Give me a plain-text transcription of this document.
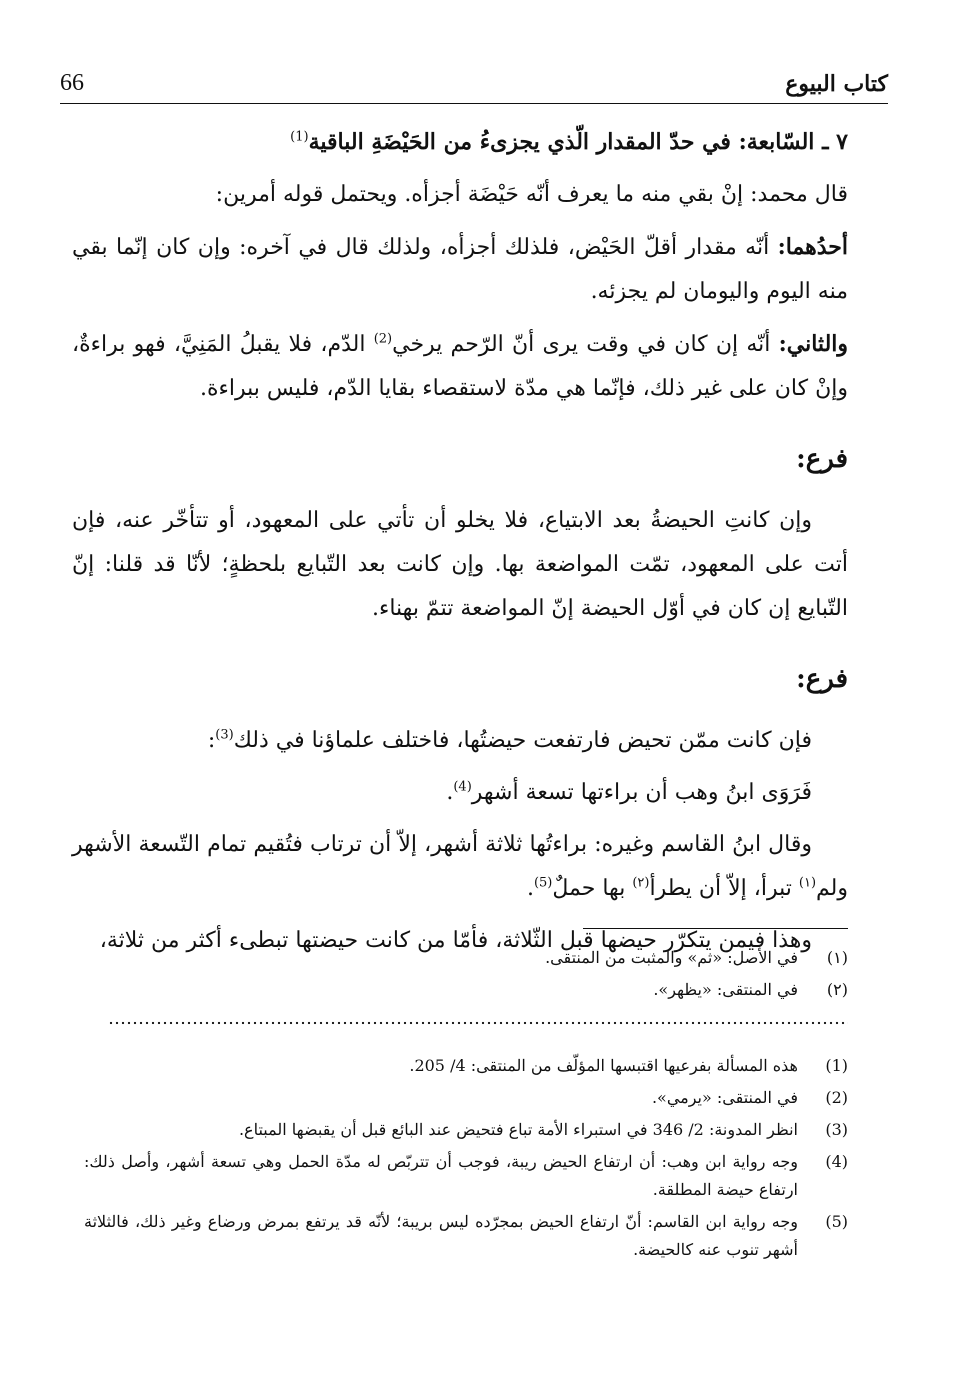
كتاب البيوع
66

٧ ـ السّابعة: في حدّ المقدار الّذي يجزىءُ من الحَيْضَةِ الباقية$^{(1)}$

قال محمد: إنْ بقي منه ما يعرف أنّه حَيْضَة أجزأه. ويحتمل قوله أمرين:

أحدُهما: أنّه مقدار أقلّ الحَيْض، فلذلك أجزأه، ولذلك قال في آخره: وإن كان إنّما بقي منه اليوم واليومان لم يجزئه.

والثاني: أنّه إن كان في وقت يرى أنّ الرّحم يرخي$^{(2)}$ الدّم، فلا يقبلُ المَنِيَّ، فهو براءةٌ، وإنْ كان على غير ذلك، فإنّما هي مدّة لاستقصاء بقايا الدّم، فليس ببراءة.

فرع:

وإن كانتِ الحيضةُ بعد الابتياع، فلا يخلو أن تأتي على المعهود، أو تتأخّر عنه، فإن أتت على المعهود، تمّت المواضعة بها. وإن كانت بعد التّبايع بلحظةٍ؛ لأنّا قد قلنا: إنّ التّبايع إن كان في أوّل الحيضة إنّ المواضعة تتمّ بهناء.

فرع:

فإن كانت ممّن تحيض فارتفعت حيضتُها، فاختلف علماؤنا في ذلك$^{(3)}$:

فَرَوَى ابنُ وهب أن براءتها تسعة أشهر$^{(4)}$.

وقال ابنُ القاسم وغيره: براءتُها ثلاثة أشهر، إلاّ أن ترتاب فتُقيم تمام التّسعة الأشهر ولم$^{(١)}$ تبرأ، إلاّ أن يطرأ$^{(٢)}$ بها حملٌ$^{(5)}$.

وهذا فيمن يتكرّر حيضها قبل الثّلاثة، فأمّا من كانت حيضتها تبطىء أكثر من ثلاثة،

(١)
في الأصل: «ثم» والمثبت من المنتقى.
(٢)
في المنتقى: «يظهر».
(1)
هذه المسألة بفرعيها اقتبسها المؤلّف من المنتقى: 4/ 205.
(2)
في المنتقى: «يرمي».
(3)
انظر المدونة: 2/ 346 في استبراء الأمة تباع فتحيض عند البائع قبل أن يقبضها المبتاع.
(4)
وجه رواية ابن وهب: أن ارتفاع الحيض ريبة، فوجب أن تتربّص له مدّة الحمل وهي تسعة أشهر، وأصل ذلك: ارتفاع حيضة المطلقة.
(5)
وجه رواية ابن القاسم: أنّ ارتفاع الحيض بمجرّده ليس بريبة؛ لأنّه قد يرتفع بمرض ورضاع وغير ذلك، فالثلاثة أشهر تنوب عنه كالحيضة.
